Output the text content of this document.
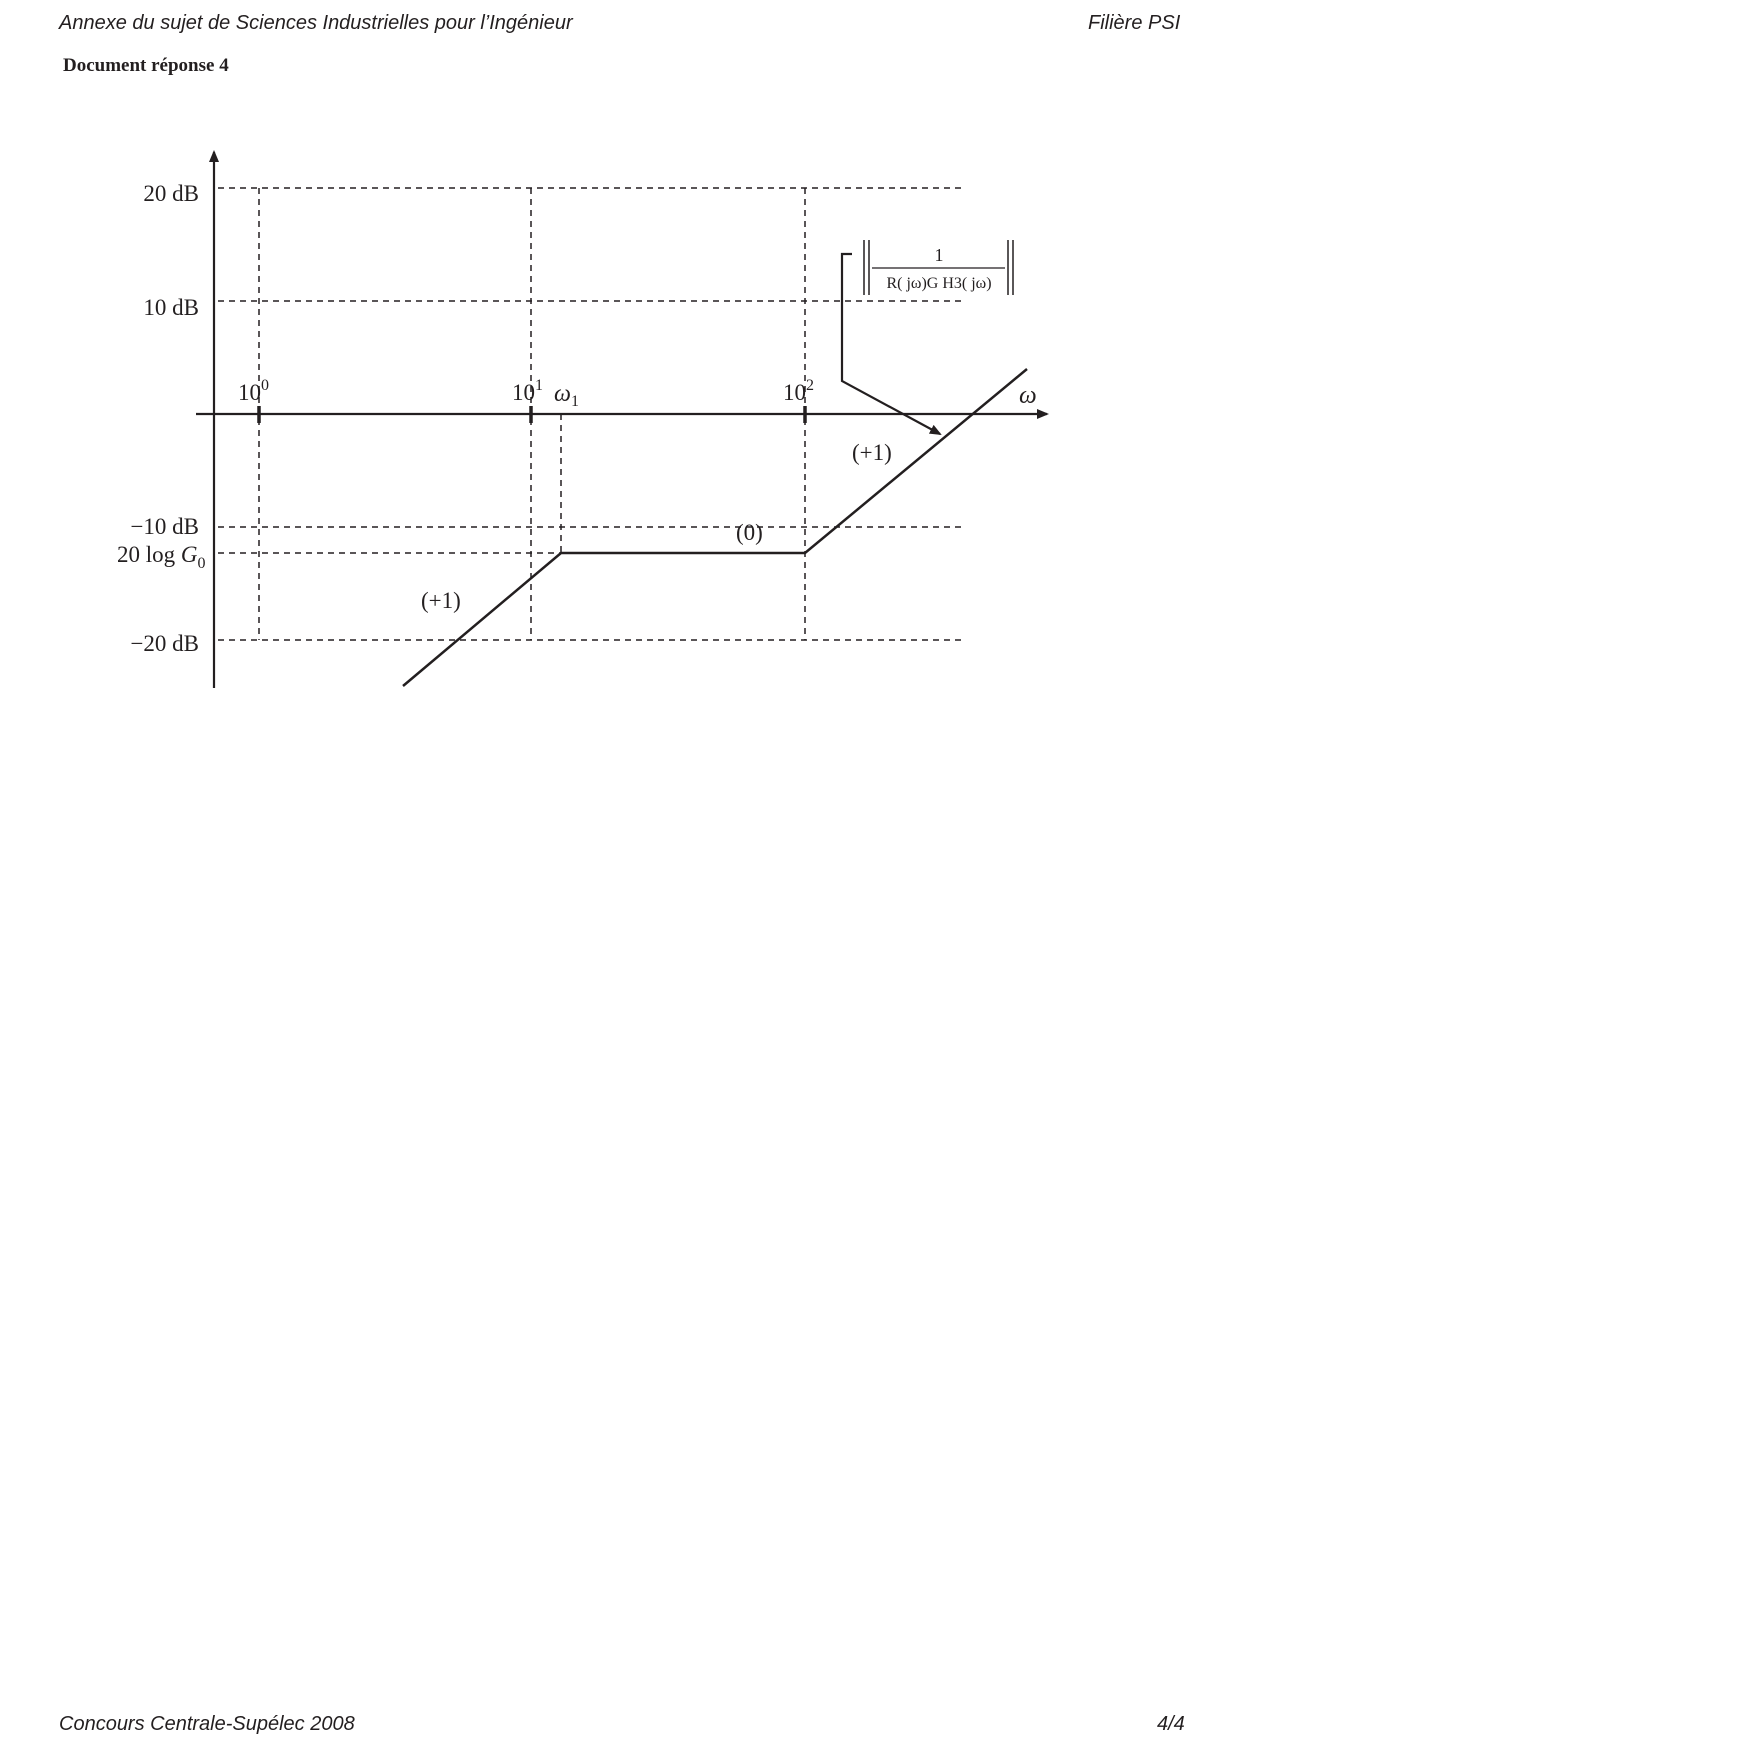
Annexe du sujet de Sciences Industrielles pour l’Ingénieur	Filière PSI
Document réponse 4
20 dB
10 dB
−10 dB
−20 dB
20 $\log G_0$
$10^0$	$10^1$	$10^2$
$\omega_1$	ω
(+1)
(0)
(+1)
1
R( jω)G H3( jω)
Concours Centrale-Supélec 2008	4/4
